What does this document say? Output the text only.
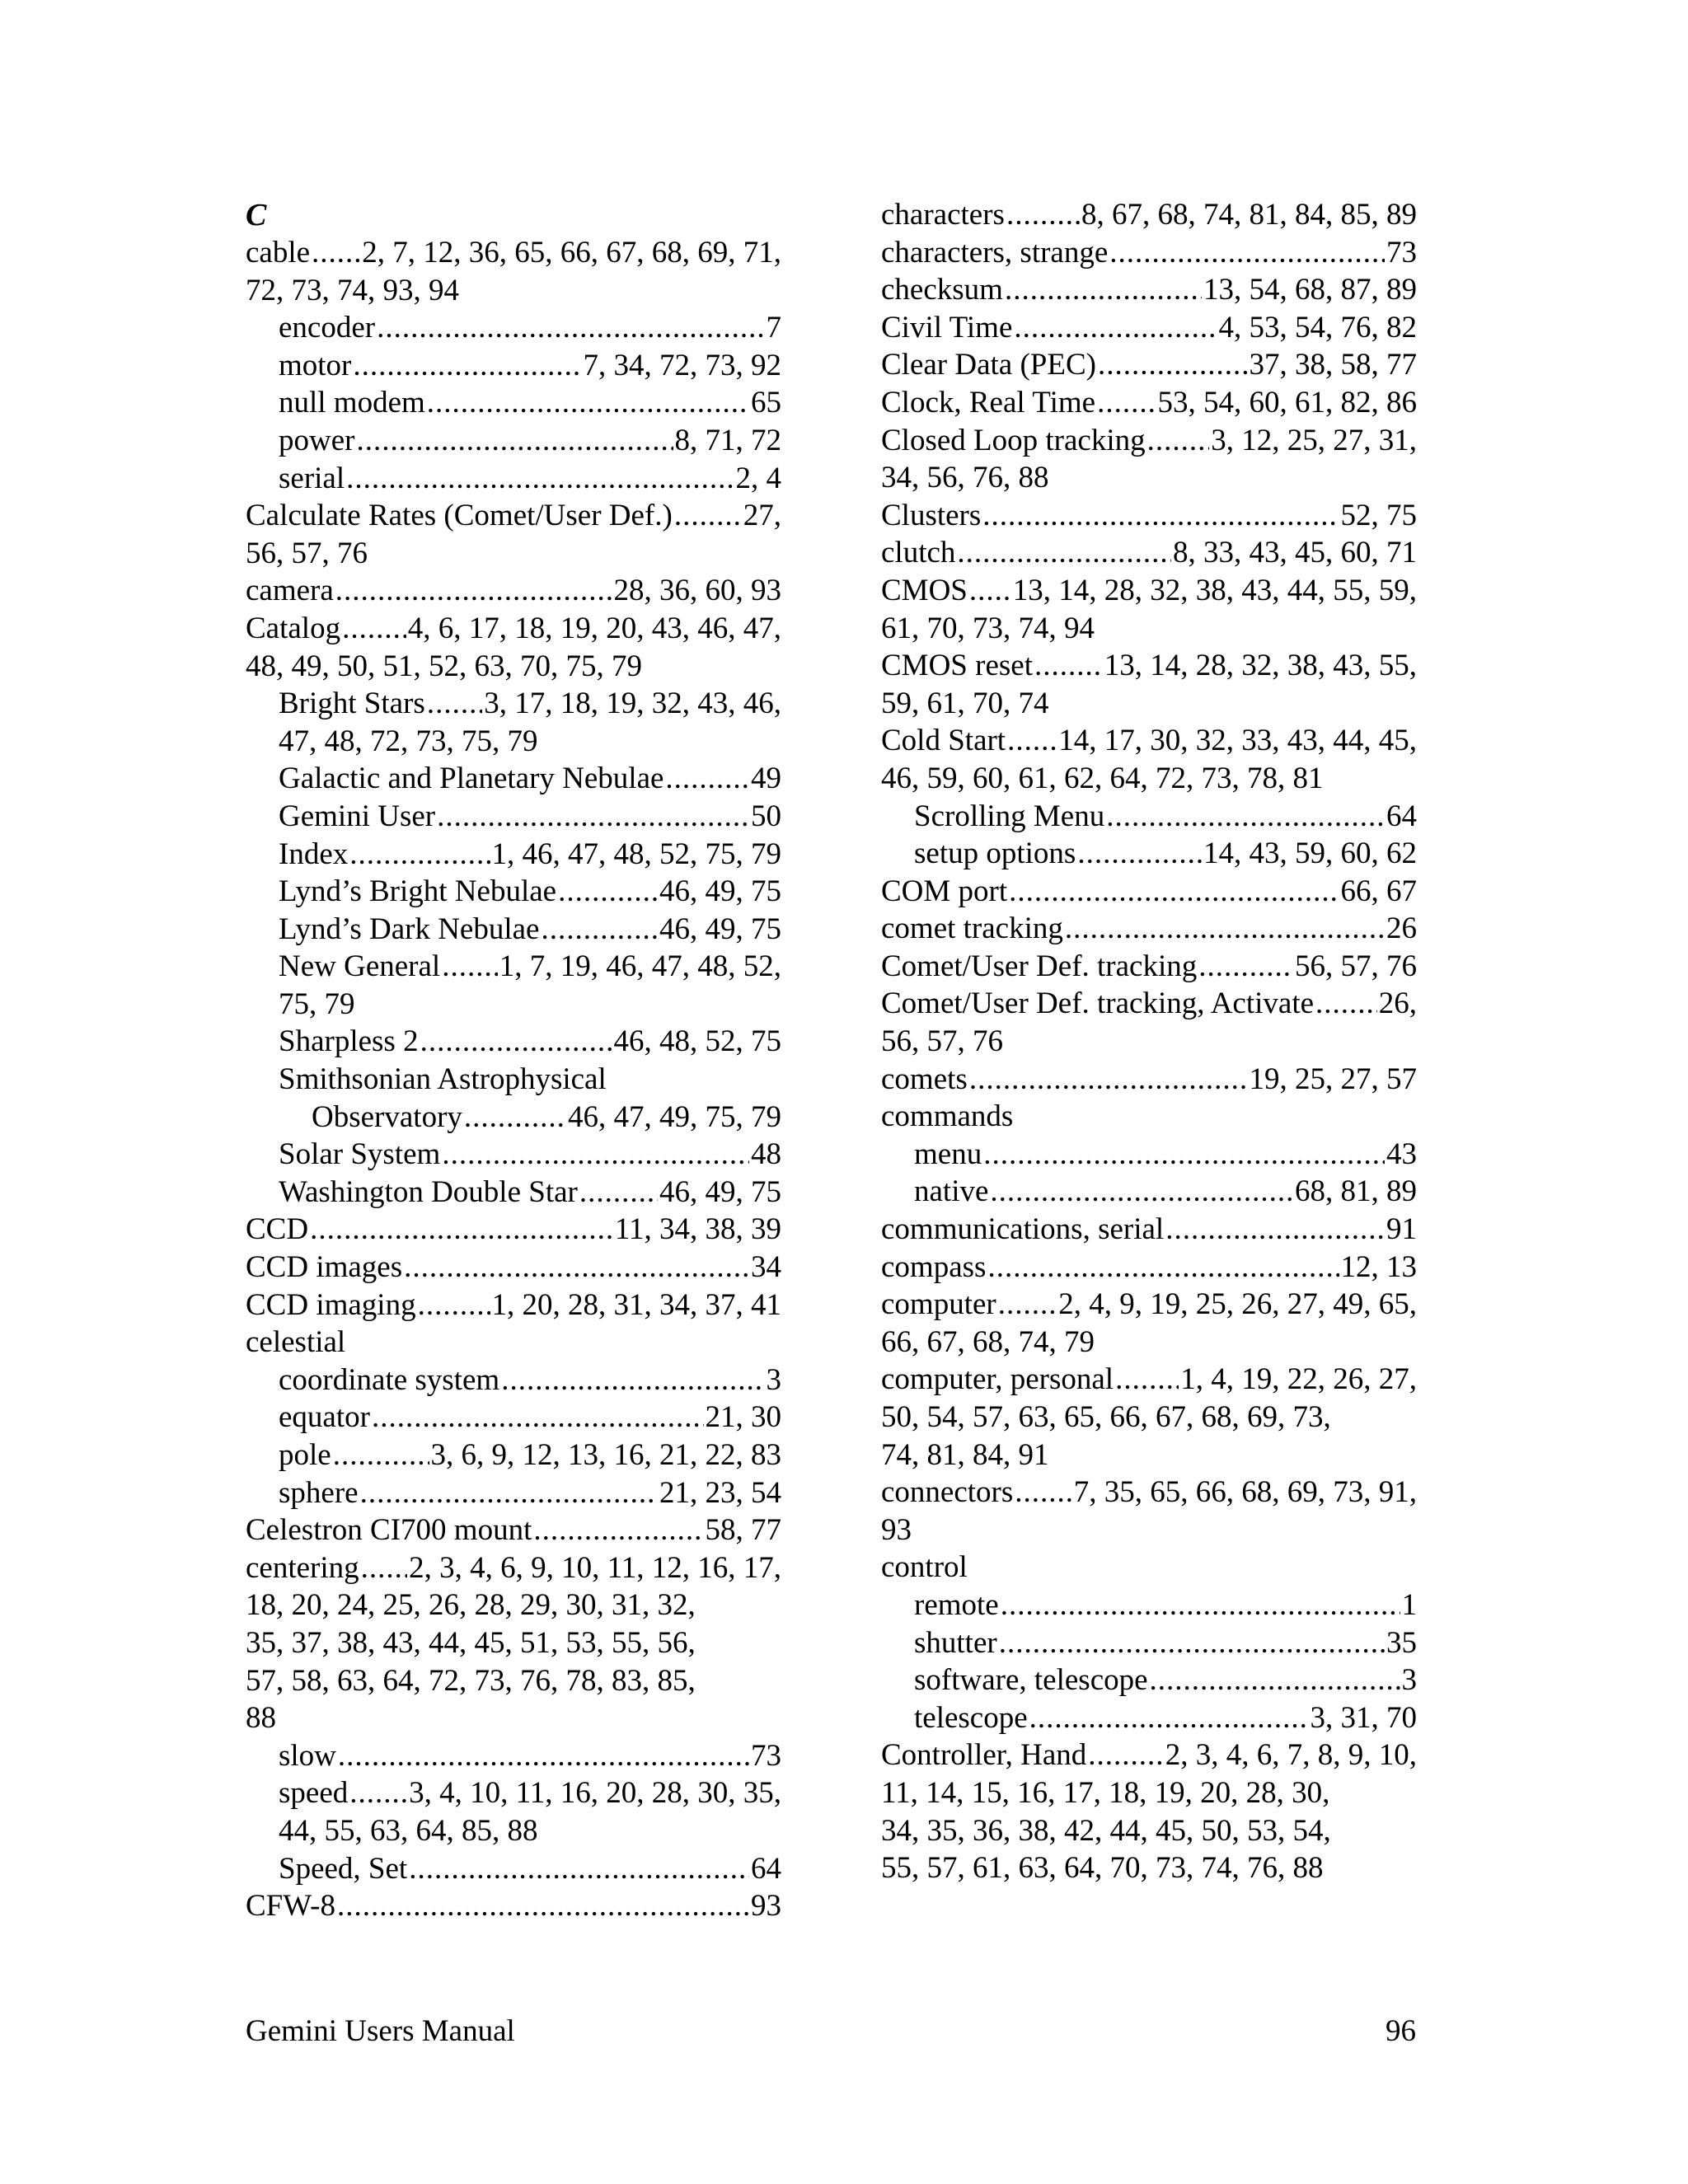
C
cable ..... 2, 7, 12, 36, 65, 66, 67, 68, 69, 71,
72, 73, 74, 93, 94
encoder .....	7
motor .....	7, 34, 72, 73, 92
null modem .....	65
power .....	8, 71, 72
serial .....	2, 4
Calculate Rates (Comet/User Def.) ..... 27,
56, 57, 76
camera .....	28, 36, 60, 93
Catalog ..... 4, 6, 17, 18, 19, 20, 43, 46, 47,
48, 49, 50, 51, 52, 63, 70, 75, 79
Bright Stars ..... 3, 17, 18, 19, 32, 43, 46,
47, 48, 72, 73, 75, 79
Galactic and Planetary Nebulae .....	49
Gemini User .....	50
Index .....	1, 46, 47, 48, 52, 75, 79
Lynd’s Bright Nebulae .....	46, 49, 75
Lynd’s Dark Nebulae .....	46, 49, 75
New General ..... 1, 7, 19, 46, 47, 48, 52,
75, 79
Sharpless 2 .....	46, 48, 52, 75
Smithsonian Astrophysical
Observatory .....	46, 47, 49, 75, 79
Solar System .....	48
Washington Double Star .....	46, 49, 75
CCD .....	11, 34, 38, 39
CCD images .....	34
CCD imaging ..... 1, 20, 28, 31, 34, 37, 41
celestial
coordinate system .....	3
equator .....	21, 30
pole .....	3, 6, 9, 12, 13, 16, 21, 22, 83
sphere .....	21, 23, 54
Celestron CI700 mount .....	58, 77
centering ..... 2, 3, 4, 6, 9, 10, 11, 12, 16, 17,
18, 20, 24, 25, 26, 28, 29, 30, 31, 32,
35, 37, 38, 43, 44, 45, 51, 53, 55, 56,
57, 58, 63, 64, 72, 73, 76, 78, 83, 85,
88
slow .....	73
speed ..... 3, 4, 10, 11, 16, 20, 28, 30, 35,
44, 55, 63, 64, 85, 88
Speed, Set .....	64
CFW-8 .....	93
characters .....	8, 67, 68, 74, 81, 84, 85, 89
characters, strange .....	73
checksum .....	13, 54, 68, 87, 89
Civil Time .....	4, 53, 54, 76, 82
Clear Data (PEC) .....	37, 38, 58, 77
Clock, Real Time ..... 53, 54, 60, 61, 82, 86
Closed Loop tracking ..... 3, 12, 25, 27, 31,
34, 56, 76, 88
Clusters .....	52, 75
clutch .....	8, 33, 43, 45, 60, 71
CMOS ..... 13, 14, 28, 32, 38, 43, 44, 55, 59,
61, 70, 73, 74, 94
CMOS reset ..... 13, 14, 28, 32, 38, 43, 55,
59, 61, 70, 74
Cold Start ..... 14, 17, 30, 32, 33, 43, 44, 45,
46, 59, 60, 61, 62, 64, 72, 73, 78, 81
Scrolling Menu .....	64
setup options .....	14, 43, 59, 60, 62
COM port .....	66, 67
comet tracking .....	26
Comet/User Def. tracking .....	56, 57, 76
Comet/User Def. tracking, Activate ..... 26,
56, 57, 76
comets .....	19, 25, 27, 57
commands
menu .....	43
native .....	68, 81, 89
communications, serial .....	91
compass .....	12, 13
computer ..... 2, 4, 9, 19, 25, 26, 27, 49, 65,
66, 67, 68, 74, 79
computer, personal ..... 1, 4, 19, 22, 26, 27,
50, 54, 57, 63, 65, 66, 67, 68, 69, 73,
74, 81, 84, 91
connectors ..... 7, 35, 65, 66, 68, 69, 73, 91,
93
control
remote .....	1
shutter .....	35
software, telescope .....	3
telescope .....	3, 31, 70
Controller, Hand .....	2, 3, 4, 6, 7, 8, 9, 10,
11, 14, 15, 16, 17, 18, 19, 20, 28, 30,
34, 35, 36, 38, 42, 44, 45, 50, 53, 54,
55, 57, 61, 63, 64, 70, 73, 74, 76, 88
Gemini Users Manual	96
